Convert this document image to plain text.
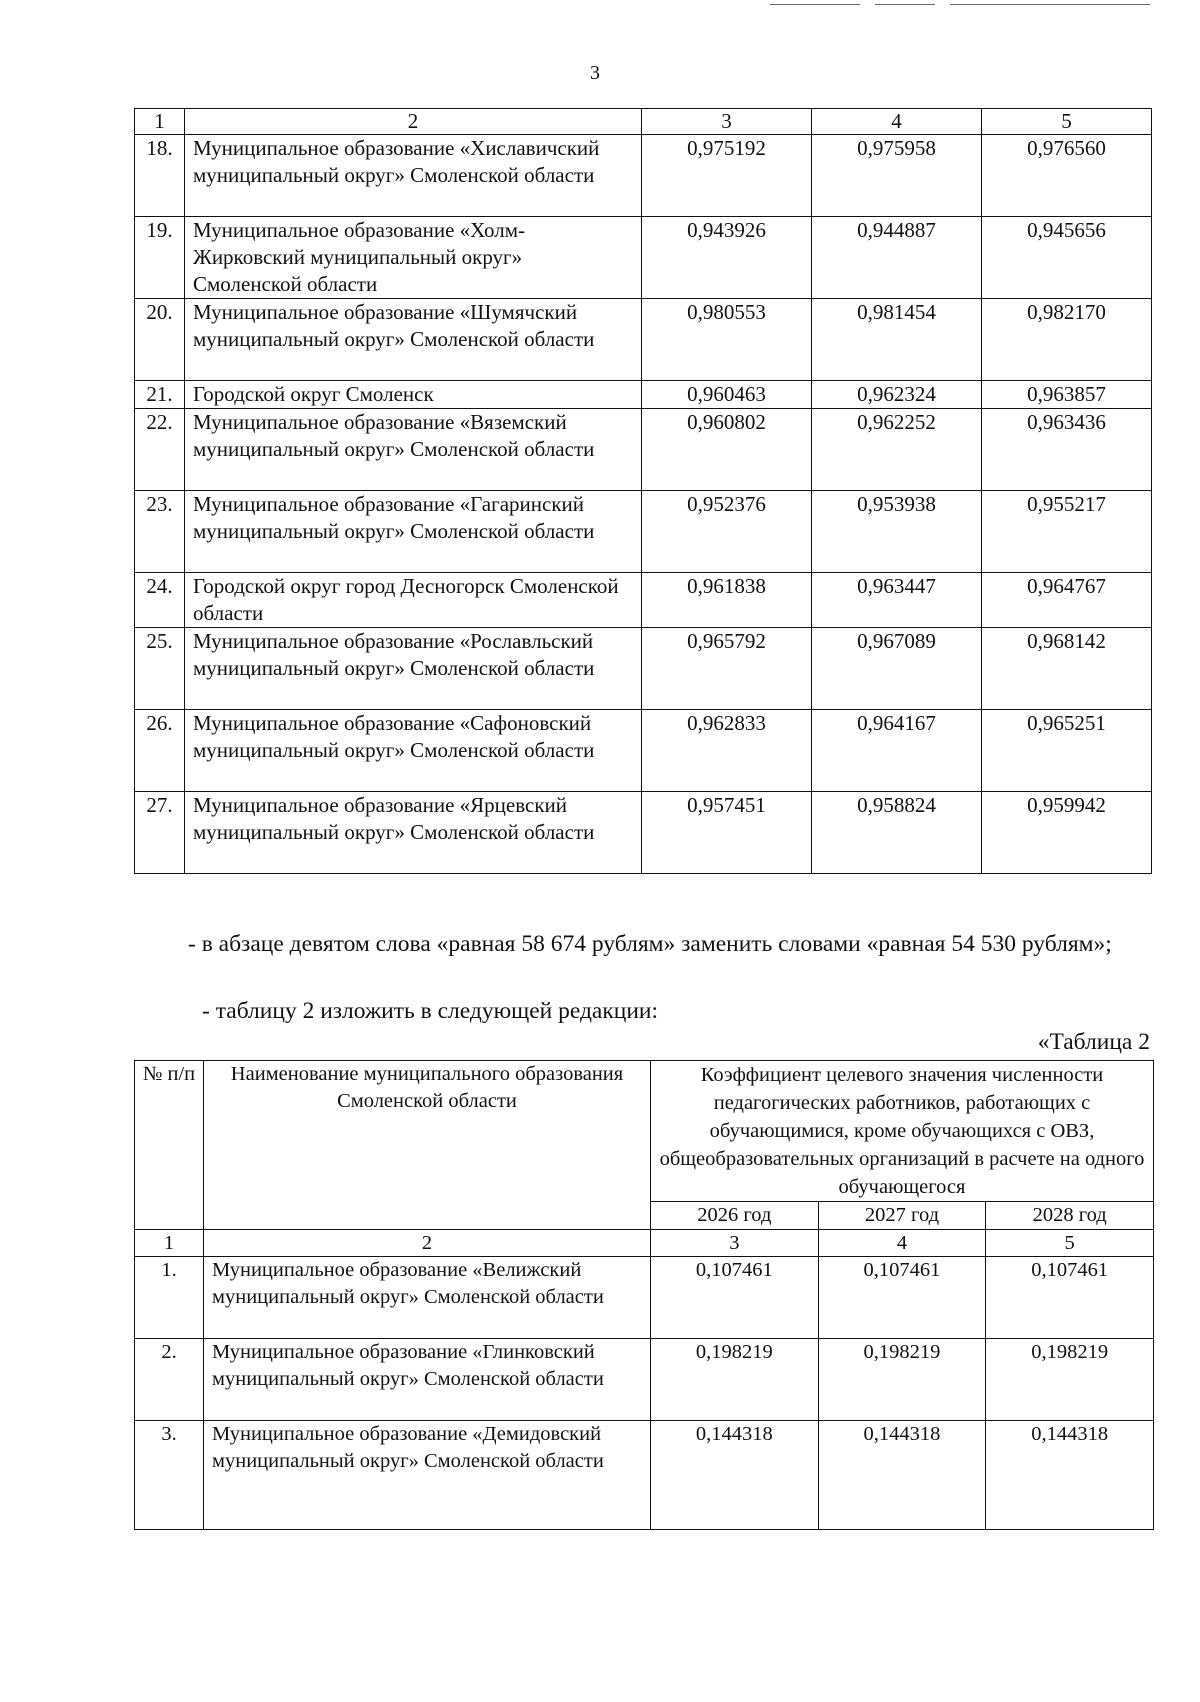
3
1	2	3	4	5
18.	Муниципальное образование «Хиславичский муниципальный округ» Смоленской области	0,975192	0,975958	0,976560
19.	Муниципальное образование «Холм-Жирковский муниципальный округ» Смоленской области	0,943926	0,944887	0,945656
20.	Муниципальное образование «Шумячский муниципальный округ» Смоленской области	0,980553	0,981454	0,982170
21.	Городской округ Смоленск	0,960463	0,962324	0,963857
22.	Муниципальное образование «Вяземский муниципальный округ» Смоленской области	0,960802	0,962252	0,963436
23.	Муниципальное образование «Гагаринский муниципальный округ» Смоленской области	0,952376	0,953938	0,955217
24.	Городской округ город Десногорск Смоленской области	0,961838	0,963447	0,964767
25.	Муниципальное образование «Рославльский муниципальный округ» Смоленской области	0,965792	0,967089	0,968142
26.	Муниципальное образование «Сафоновский муниципальный округ» Смоленской области	0,962833	0,964167	0,965251
27.	Муниципальное образование «Ярцевский муниципальный округ» Смоленской области	0,957451	0,958824	0,959942
- в абзаце девятом слова «равная 58 674 рублям» заменить словами «равная 54 530 рублям»;
- таблицу 2 изложить в следующей редакции:
«Таблица 2
№ п/п	Наименование муниципального образования Смоленской области	Коэффициент целевого значения численности педагогических работников, работающих с обучающимися, кроме обучающихся с ОВЗ, общеобразовательных организаций в расчете на одного обучающегося		
		2026 год	2027 год	2028 год
1	2	3	4	5
1.	Муниципальное образование «Велижский муниципальный округ» Смоленской области	0,107461	0,107461	0,107461
2.	Муниципальное образование «Глинковский муниципальный округ» Смоленской области	0,198219	0,198219	0,198219
3.	Муниципальное образование «Демидовский муниципальный округ» Смоленской области	0,144318	0,144318	0,144318
